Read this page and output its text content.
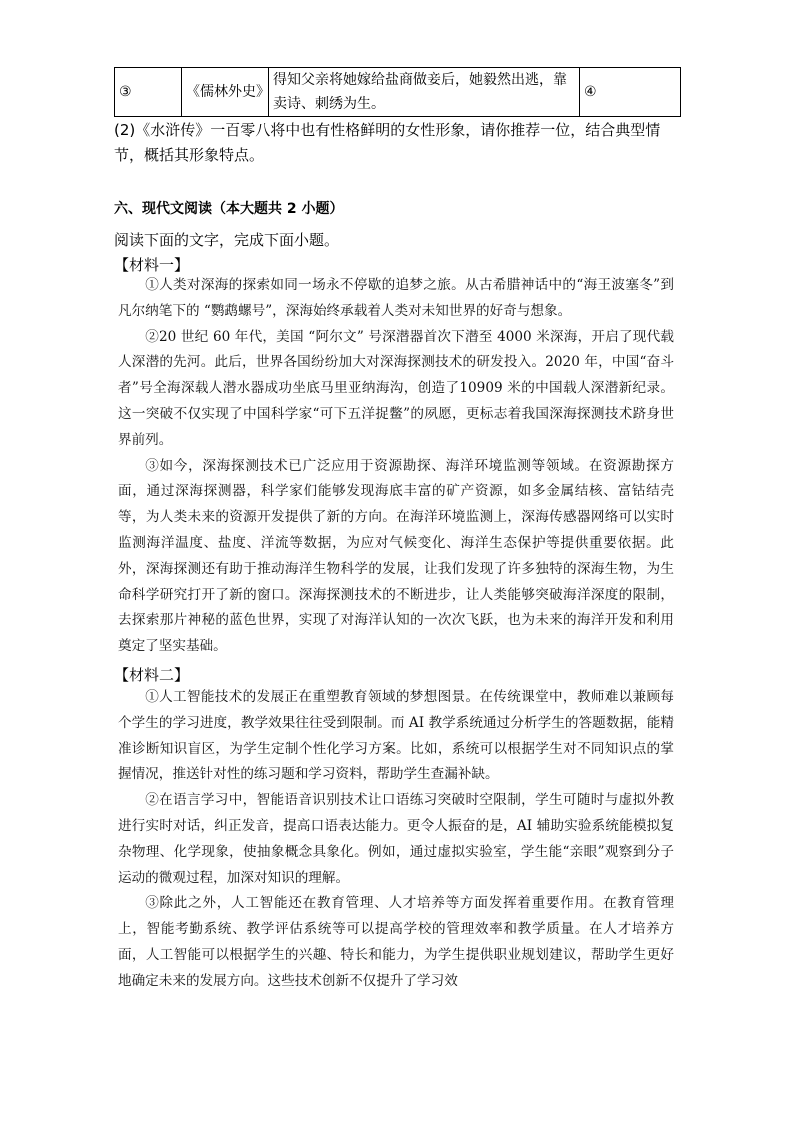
③	《儒林外史》	得知父亲将她嫁给盐商做妾后，她毅然出逃，靠卖诗、刺绣为生。	④
(2)《水浒传》一百零八将中也有性格鲜明的女性形象，请你推荐一位，结合典型情节，概括其形象特点。
六、现代文阅读（本大题共 2 小题）
阅读下面的文字，完成下面小题。
【材料一】

①人类对深海的探索如同一场永不停歇的追梦之旅。从古希腊神话中的“海王波塞冬”到凡尔纳笔下的 “鹦鹉螺号”，深海始终承载着人类对未知世界的好奇与想象。

②20 世纪 60 年代，美国 “阿尔文” 号深潜器首次下潜至 4000 米深海，开启了现代载人深潜的先河。此后，世界各国纷纷加大对深海探测技术的研发投入。2020 年，中国“奋斗者”号全海深载人潜水器成功坐底马里亚纳海沟，创造了10909 米的中国载人深潜新纪录。这一突破不仅实现了中国科学家“可下五洋捉鳖”的夙愿，更标志着我国深海探测技术跻身世界前列。

③如今，深海探测技术已广泛应用于资源勘探、海洋环境监测等领域。在资源勘探方面，通过深海探测器，科学家们能够发现海底丰富的矿产资源，如多金属结核、富钴结壳等，为人类未来的资源开发提供了新的方向。在海洋环境监测上，深海传感器网络可以实时监测海洋温度、盐度、洋流等数据，为应对气候变化、海洋生态保护等提供重要依据。此外，深海探测还有助于推动海洋生物科学的发展，让我们发现了许多独特的深海生物，为生命科学研究打开了新的窗口。深海探测技术的不断进步，让人类能够突破海洋深度的限制，去探索那片神秘的蓝色世界，实现了对海洋认知的一次次飞跃，也为未来的海洋开发和利用奠定了坚实基础。

【材料二】

①人工智能技术的发展正在重塑教育领域的梦想图景。在传统课堂中，教师难以兼顾每个学生的学习进度，教学效果往往受到限制。而 AI 教学系统通过分析学生的答题数据，能精准诊断知识盲区，为学生定制个性化学习方案。比如，系统可以根据学生对不同知识点的掌握情况，推送针对性的练习题和学习资料，帮助学生查漏补缺。

②在语言学习中，智能语音识别技术让口语练习突破时空限制，学生可随时与虚拟外教进行实时对话，纠正发音，提高口语表达能力。更令人振奋的是，AI 辅助实验系统能模拟复杂物理、化学现象，使抽象概念具象化。例如，通过虚拟实验室，学生能“亲眼”观察到分子运动的微观过程，加深对知识的理解。

③除此之外，人工智能还在教育管理、人才培养等方面发挥着重要作用。在教育管理上，智能考勤系统、教学评估系统等可以提高学校的管理效率和教学质量。在人才培养方面，人工智能可以根据学生的兴趣、特长和能力，为学生提供职业规划建议，帮助学生更好地确定未来的发展方向。这些技术创新不仅提升了学习效
